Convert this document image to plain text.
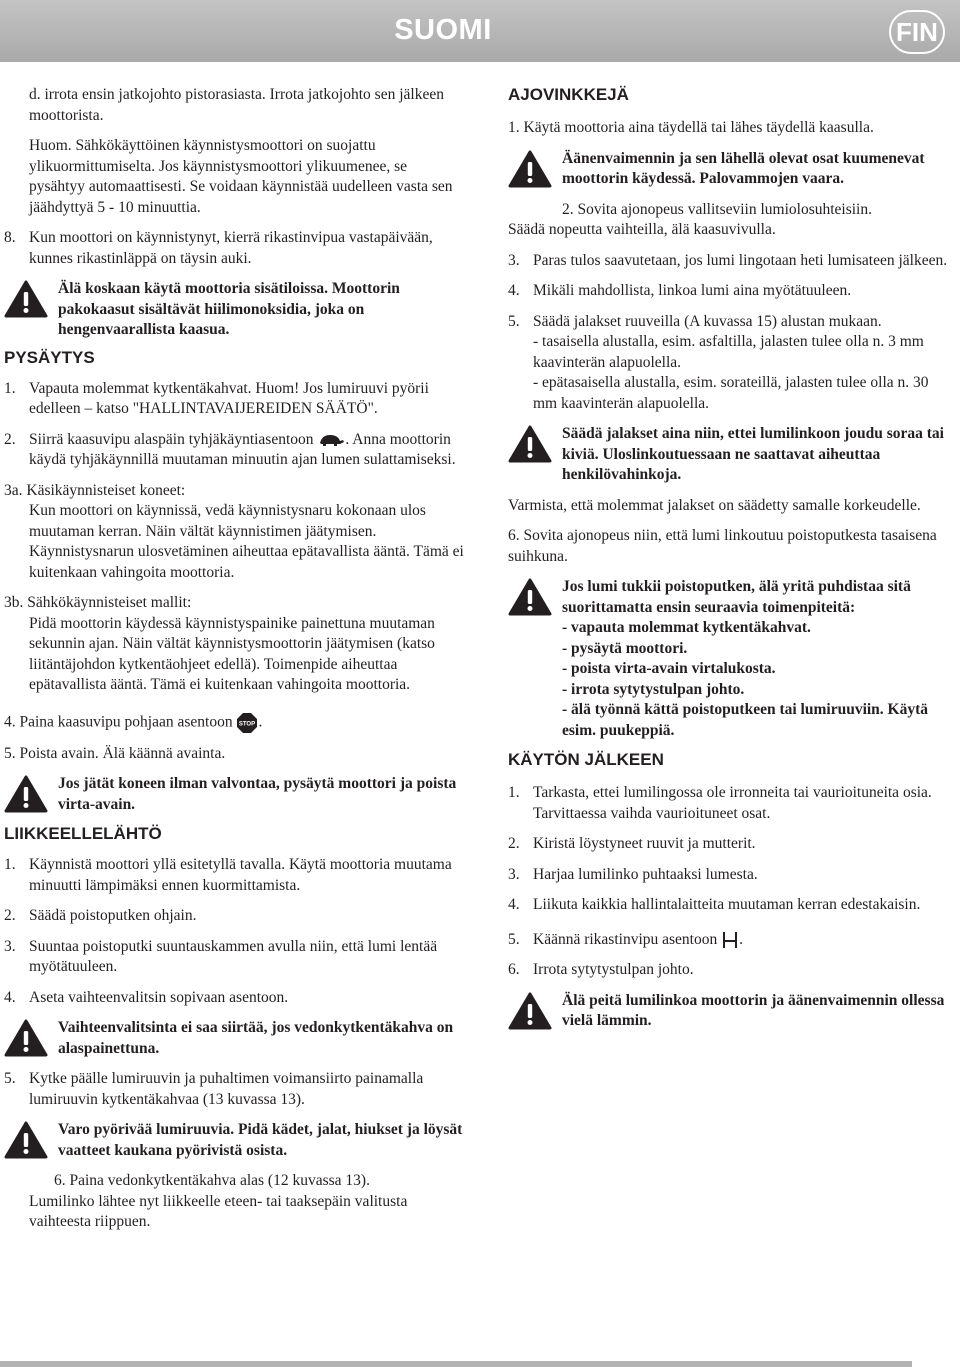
SUOMI	FIN

d. irrota ensin jatkojohto pistorasiasta. Irrota jatkojohto sen jälkeen moottorista.

Huom. Sähkökäyttöinen käynnistysmoottori on suojattu ylikuormittumiselta. Jos käynnistysmoottori ylikuumenee, se pysähtyy automaattisesti. Se voidaan käynnistää uudelleen vasta sen jäähdyttyä 5 - 10 minuuttia.

8. Kun moottori on käynnistynyt, kierrä rikastinvipua vastapäivään, kunnes rikastinläppä on täysin auki.

Älä koskaan käytä moottoria sisätiloissa. Moottorin pakokaasut sisältävät hiilimonoksidia, joka on hengenvaarallista kaasua.

PYSÄYTYS

1. Vapauta molemmat kytkentäkahvat. Huom! Jos lumiruuvi pyörii edelleen – katso "HALLINTAVAIJEREIDEN SÄÄTÖ".

2. Siirrä kaasuvipu alaspäin tyhjäkäyntiasentoon . Anna moottorin käydä tyhjäkäynnillä muutaman minuutin ajan lumen sulattamiseksi.

3a. Käsikäynnisteiset koneet:

Kun moottori on käynnissä, vedä käynnistysnaru kokonaan ulos muutaman kerran. Näin vältät käynnistimen jäätymisen. Käynnistysnarun ulosvetäminen aiheuttaa epätavallista ääntä. Tämä ei kuitenkaan vahingoita moottoria.

3b. Sähkökäynnisteiset mallit:

Pidä moottorin käydessä käynnistyspainike painettuna muutaman sekunnin ajan. Näin vältät käynnistysmoottorin jäätymisen (katso liitäntäjohdon kytkentäohjeet edellä). Toimenpide aiheuttaa epätavallista ääntä. Tämä ei kuitenkaan vahingoita moottoria.

4. Paina kaasuvipu pohjaan asentoon STOP .

5. Poista avain. Älä käännä avainta.

Jos jätät koneen ilman valvontaa, pysäytä moottori ja poista virta-avain.

LIIKKEELLELÄHTÖ

1. Käynnistä moottori yllä esitetyllä tavalla. Käytä moottoria muutama minuutti lämpimäksi ennen kuormittamista.

2. Säädä poistoputken ohjain.

3. Suuntaa poistoputki suuntauskammen avulla niin, että lumi lentää myötätuuleen.

4. Aseta vaihteenvalitsin sopivaan asentoon.

Vaihteenvalitsinta ei saa siirtää, jos vedonkytkentäkahva on alaspainettuna.

5. Kytke päälle lumiruuvin ja puhaltimen voimansiirto painamalla lumiruuvin kytkentäkahvaa (13 kuvassa 13).

Varo pyörivää lumiruuvia. Pidä kädet, jalat, hiukset ja löysät vaatteet kaukana pyörivistä osista.

6. Paina vedonkytkentäkahva alas (12 kuvassa 13).

Lumilinko lähtee nyt liikkeelle eteen- tai taaksepäin valitusta vaihteesta riippuen.

AJOVINKKEJÄ

1. Käytä moottoria aina täydellä tai lähes täydellä kaasulla.

Äänenvaimennin ja sen lähellä olevat osat kuumenevat moottorin käydessä. Palovammojen vaara.

2. Sovita ajonopeus vallitseviin lumiolosuhteisiin.

Säädä nopeutta vaihteilla, älä kaasuvivulla.

3. Paras tulos saavutetaan, jos lumi lingotaan heti lumisateen jälkeen.

4. Mikäli mahdollista, linkoa lumi aina myötätuuleen.

5. Säädä jalakset ruuveilla (A kuvassa 15) alustan mukaan.

- tasaisella alustalla, esim. asfaltilla, jalasten tulee olla n. 3 mm kaavinterän alapuolella.

- epätasaisella alustalla, esim. sorateillä, jalasten tulee olla n. 30 mm kaavinterän alapuolella.

Säädä jalakset aina niin, ettei lumilinkoon joudu soraa tai kiviä. Uloslinkoutuessaan ne saattavat aiheuttaa henkilövahinkoja.

Varmista, että molemmat jalakset on säädetty samalle korkeudelle.

6. Sovita ajonopeus niin, että lumi linkoutuu poistoputkesta tasaisena suihkuna.

Jos lumi tukkii poistoputken, älä yritä puhdistaa sitä suorittamatta ensin seuraavia toimenpiteitä:

- vapauta molemmat kytkentäkahvat.

- pysäytä moottori.

- poista virta-avain virtalukosta.

- irrota sytytystulpan johto.

- älä työnnä kättä poistoputkeen tai lumiruuviin. Käytä esim. puukeppiä.

KÄYTÖN JÄLKEEN

1. Tarkasta, ettei lumilingossa ole irronneita tai vaurioituneita osia. Tarvittaessa vaihda vaurioituneet osat.

2. Kiristä löystyneet ruuvit ja mutterit.

3. Harjaa lumilinko puhtaaksi lumesta.

4. Liikuta kaikkia hallintalaitteita muutaman kerran edestakaisin.

5. Käännä rikastinvipu asentoon .

6. Irrota sytytystulpan johto.

Älä peitä lumilinkoa moottorin ja äänenvaimennin ollessa vielä lämmin.
